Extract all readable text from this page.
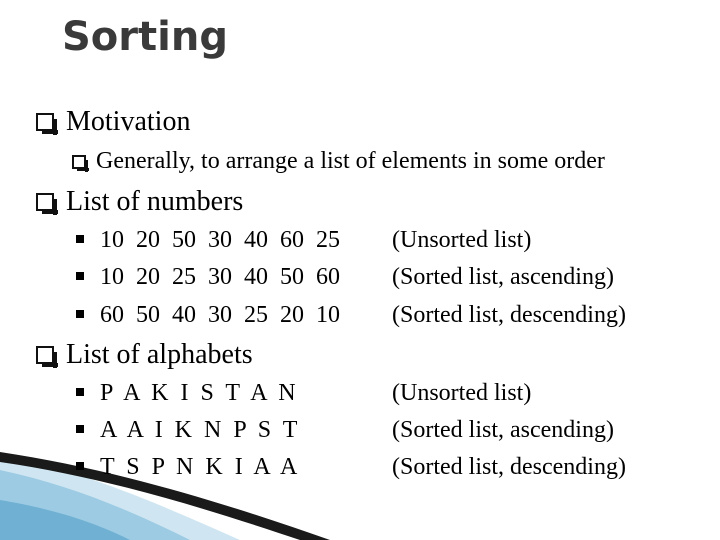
Sorting
Motivation
Generally, to arrange a list of elements in some order
List of numbers
10  20  50  30  40  60  25 (Unsorted list)
10  20  25  30  40  50  60 (Sorted list, ascending)
60  50  40  30  25  20  10 (Sorted list, descending)
List of alphabets
P  A  K  I  S  T  A  N	(Unsorted list)
A  A  I  K  N  P  S  T	(Sorted list, ascending)
T  S  P  N  K  I  A  A	(Sorted list, descending)
